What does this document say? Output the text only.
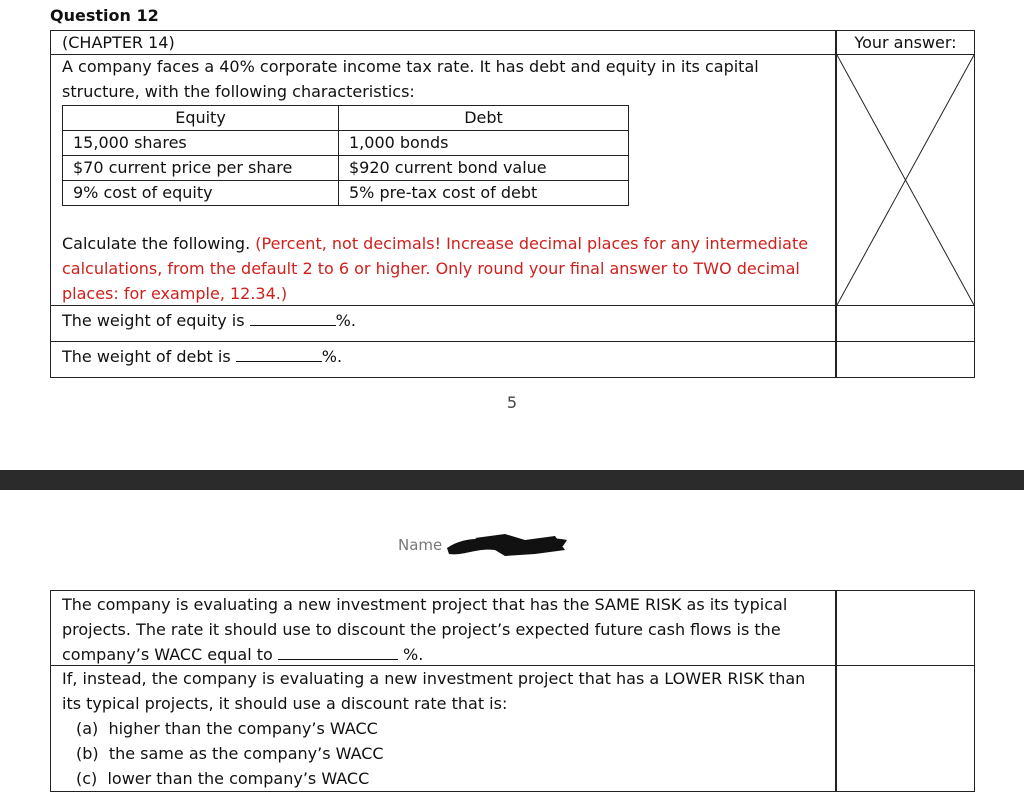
Question 12
(CHAPTER 14)
A company faces a 40% corporate income tax rate. It has debt and equity in its capital structure, with the following characteristics:
Equity	Debt
15,000 shares	1,000 bonds
$70 current price per share	$920 current bond value
9% cost of equity	5% pre-tax cost of debt
Calculate the following. (Percent, not decimals! Increase decimal places for any intermediate calculations, from the default 2 to 6 or higher. Only round your final answer to TWO decimal places: for example, 12.34.)
The weight of equity is	%.
The weight of debt is	%.
Your answer:
5
Name
The company is evaluating a new investment project that has the SAME RISK as its typical projects. The rate it should use to discount the project’s expected future cash flows is the company’s WACC equal to	%.
If, instead, the company is evaluating a new investment project that has a LOWER RISK than its typical projects, it should use a discount rate that is:
(a) higher than the company’s WACC
(b) the same as the company’s WACC
(c) lower than the company’s WACC
